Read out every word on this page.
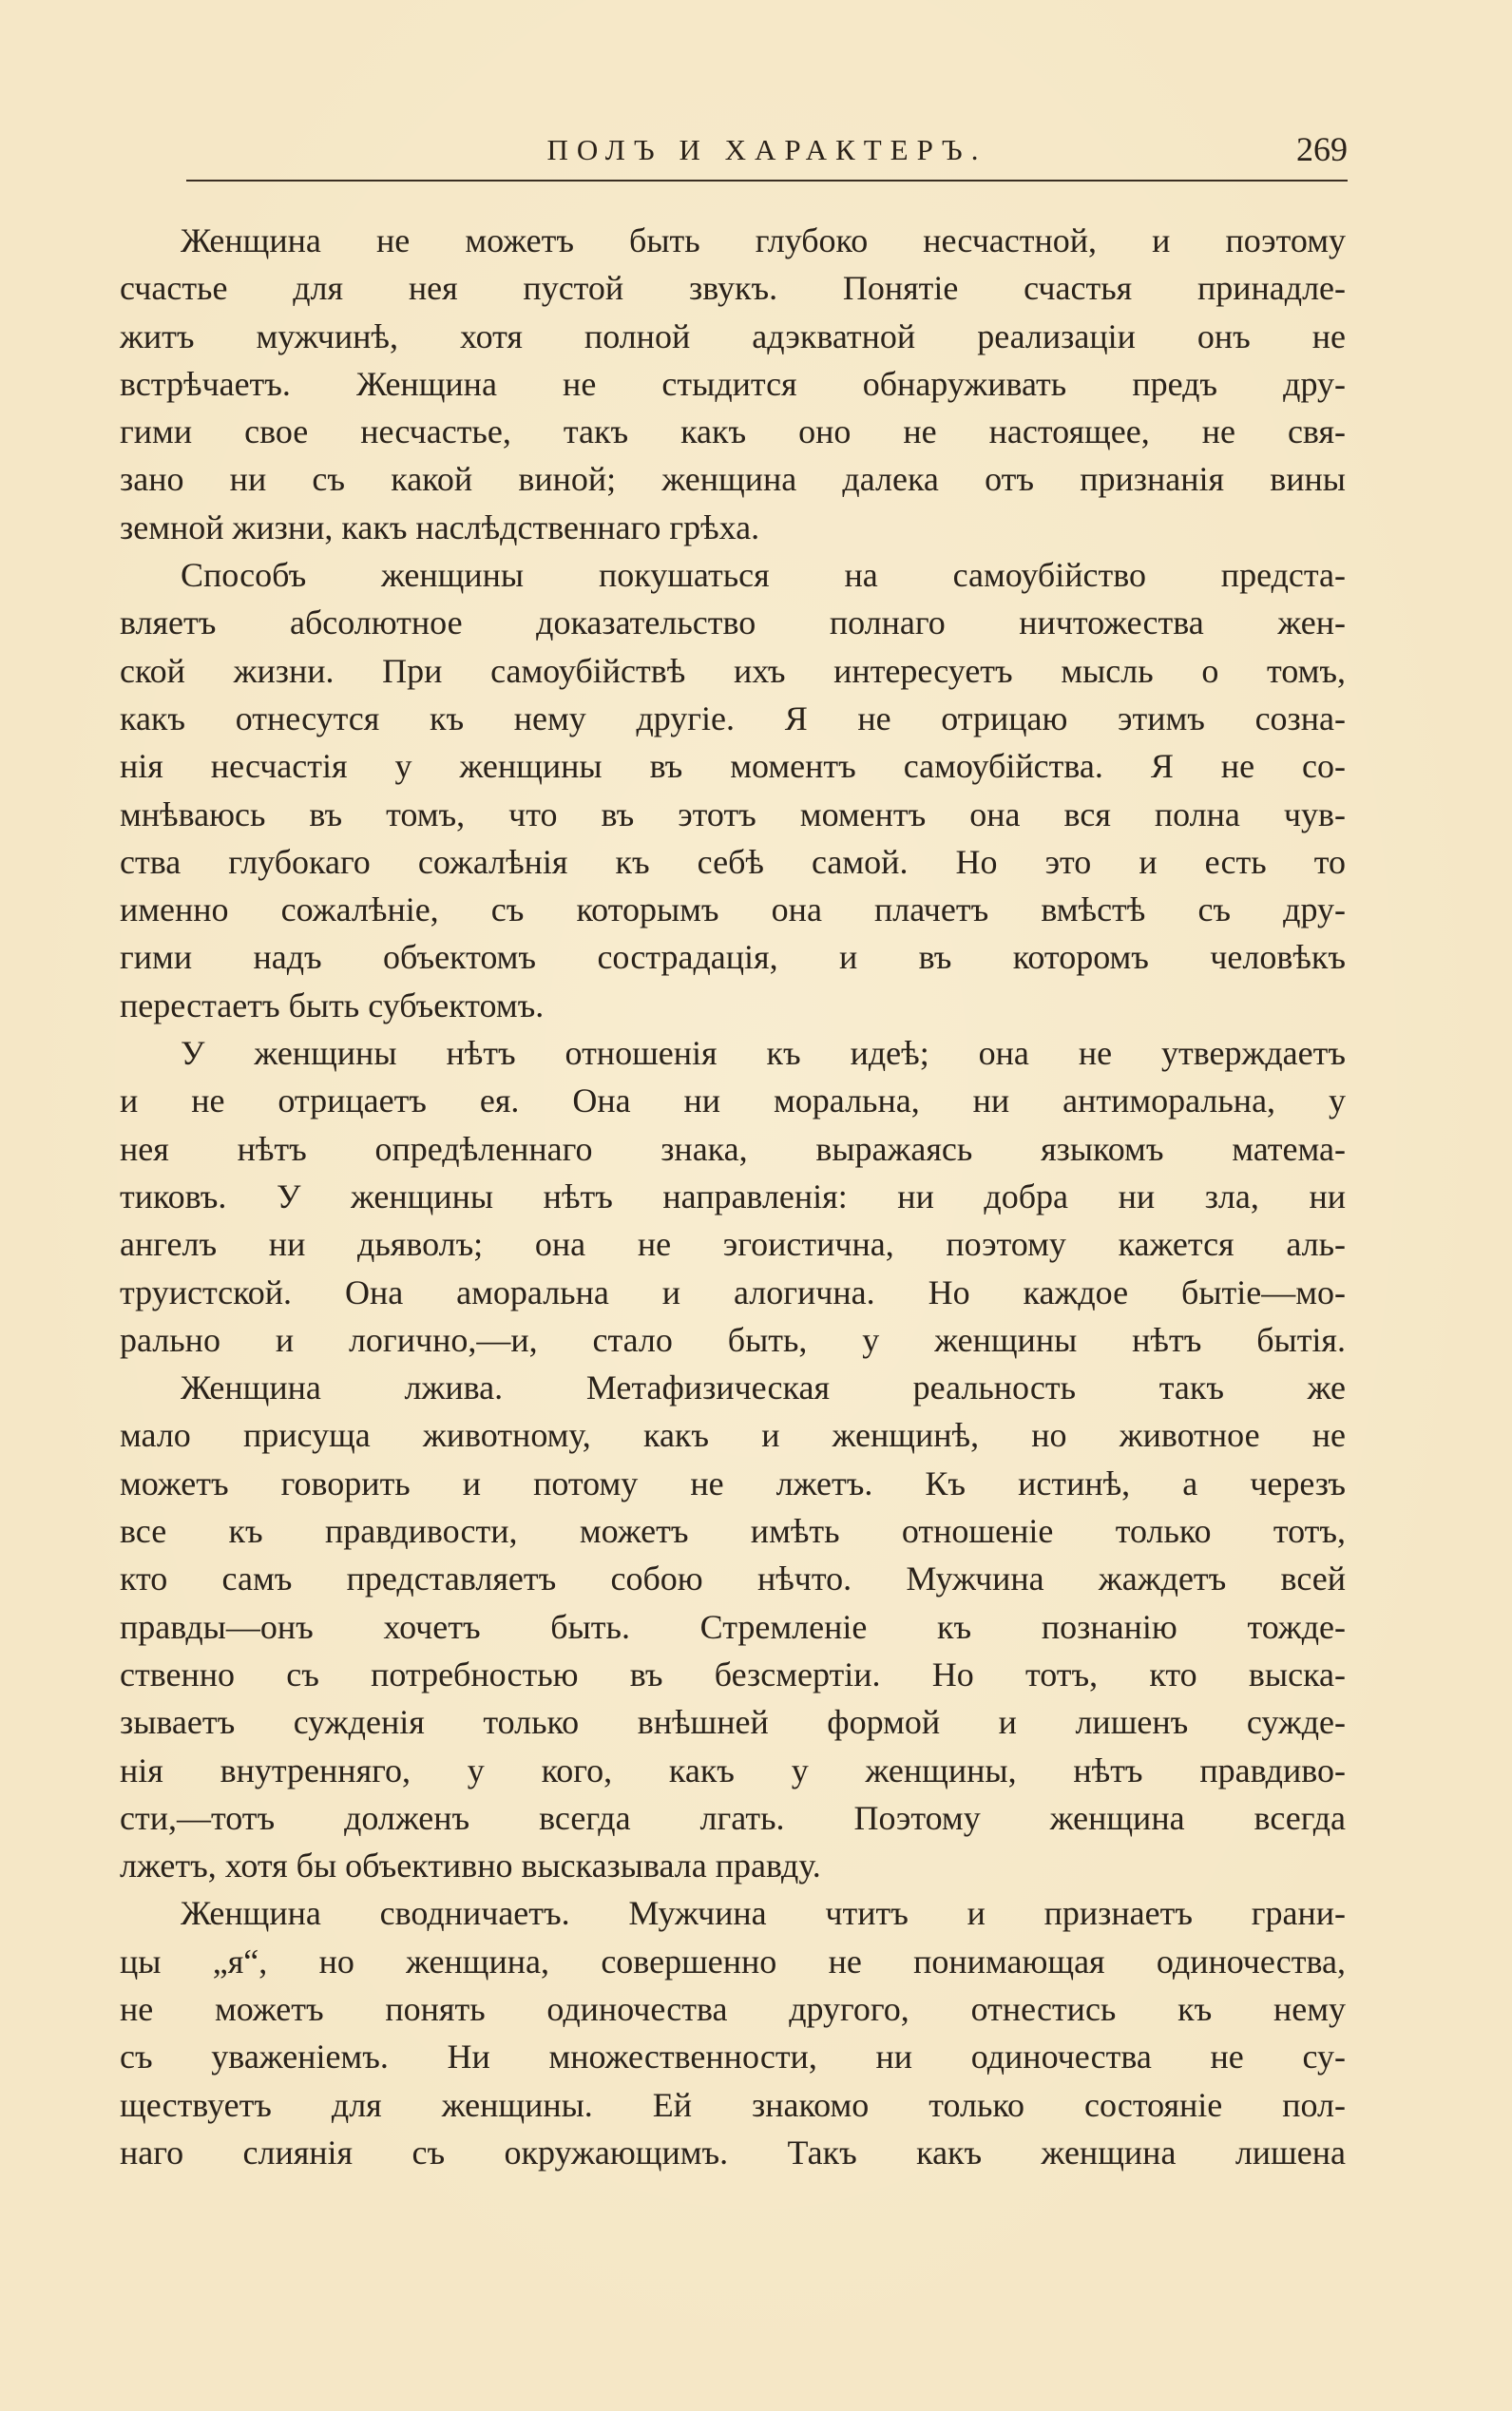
ПОЛЪ И ХАРАКТЕРЪ.	269
Женщина не можетъ быть глубоко несчастной, и поэтому
счастье для нея пустой звукъ. Понятіе счастья принадле-
житъ мужчинѣ, хотя полной адэкватной реализаціи онъ не
встрѣчаетъ. Женщина не стыдится обнаруживать предъ дру-
гими свое несчастье, такъ какъ оно не настоящее, не свя-
зано ни съ какой виной; женщина далека отъ признанія вины
земной жизни, какъ наслѣдственнаго грѣха.
Способъ женщины покушаться на самоубійство предста-
вляетъ абсолютное доказательство полнаго ничтожества жен-
ской жизни. При самоубійствѣ ихъ интересуетъ мысль о томъ,
какъ отнесутся къ нему другіе. Я не отрицаю этимъ созна-
нія несчастія у женщины въ моментъ самоубійства. Я не со-
мнѣваюсь въ томъ, что въ этотъ моментъ она вся полна чув-
ства глубокаго сожалѣнія къ себѣ самой. Но это и есть то
именно сожалѣніе, съ которымъ она плачетъ вмѣстѣ съ дру-
гими надъ объектомъ сострадація, и въ которомъ человѣкъ
перестаетъ быть субъектомъ.
У женщины нѣтъ отношенія къ идеѣ; она не утверждаетъ
и не отрицаетъ ея. Она ни моральна, ни антиморальна, у
нея нѣтъ опредѣленнаго знака, выражаясь языкомъ матема-
тиковъ. У женщины нѣтъ направленія: ни добра ни зла, ни
ангелъ ни дьяволъ; она не эгоистична, поэтому кажется аль-
труистской. Она аморальна и алогична. Но каждое бытіе—мо-
рально и логично,—и, стало быть, у женщины нѣтъ бытія.
Женщина лжива. Метафизическая реальность такъ же
мало присуща животному, какъ и женщинѣ, но животное не
можетъ говорить и потому не лжетъ. Къ истинѣ, а черезъ
все къ правдивости, можетъ имѣть отношеніе только тотъ,
кто самъ представляетъ собою нѣчто. Мужчина жаждетъ всей
правды—онъ хочетъ быть. Стремленіе къ познанію тождe-
ственно съ потребностью въ безсмертіи. Но тотъ, кто выска-
зываетъ сужденія только внѣшней формой и лишенъ сужде-
нія внутренняго, у кого, какъ у женщины, нѣтъ правдиво-
сти,—тотъ долженъ всегда лгать. Поэтому женщина всегда
лжетъ, хотя бы объективно высказывала правду.
Женщина сводничаетъ. Мужчина чтитъ и признаетъ грани-
цы „я“, но женщина, совершенно не понимающая одиночества,
не можетъ понять одиночества другого, отнестись къ нему
съ уваженіемъ. Ни множественности, ни одиночества не су-
ществуетъ для женщины. Ей знакомо только состояніе пол-
наго слиянія съ окружающимъ. Такъ какъ женщина лишена
